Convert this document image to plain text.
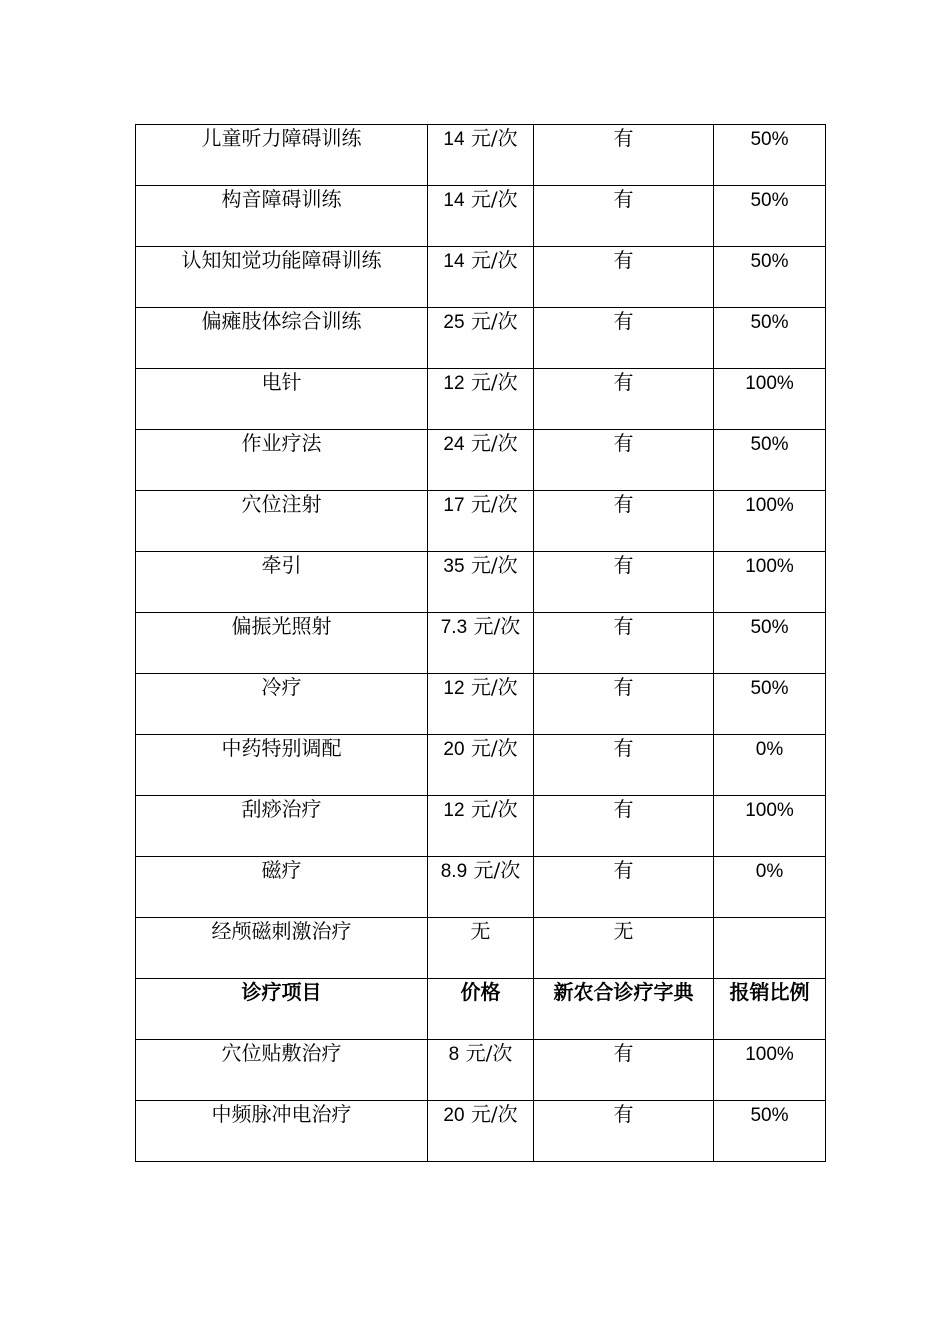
儿童听力障碍训练	14 元/次	有	50%
构音障碍训练	14 元/次	有	50%
认知知觉功能障碍训练	14 元/次	有	50%
偏瘫肢体综合训练	25 元/次	有	50%
电针	12 元/次	有	100%
作业疗法	24 元/次	有	50%
穴位注射	17 元/次	有	100%
牵引	35 元/次	有	100%
偏振光照射	7.3 元/次	有	50%
冷疗	12 元/次	有	50%
中药特别调配	20 元/次	有	0%
刮痧治疗	12 元/次	有	100%
磁疗	8.9 元/次	有	0%
经颅磁刺激治疗	无	无	
诊疗项目	价格	新农合诊疗字典	报销比例
穴位贴敷治疗	8 元/次	有	100%
中频脉冲电治疗	20 元/次	有	50%
